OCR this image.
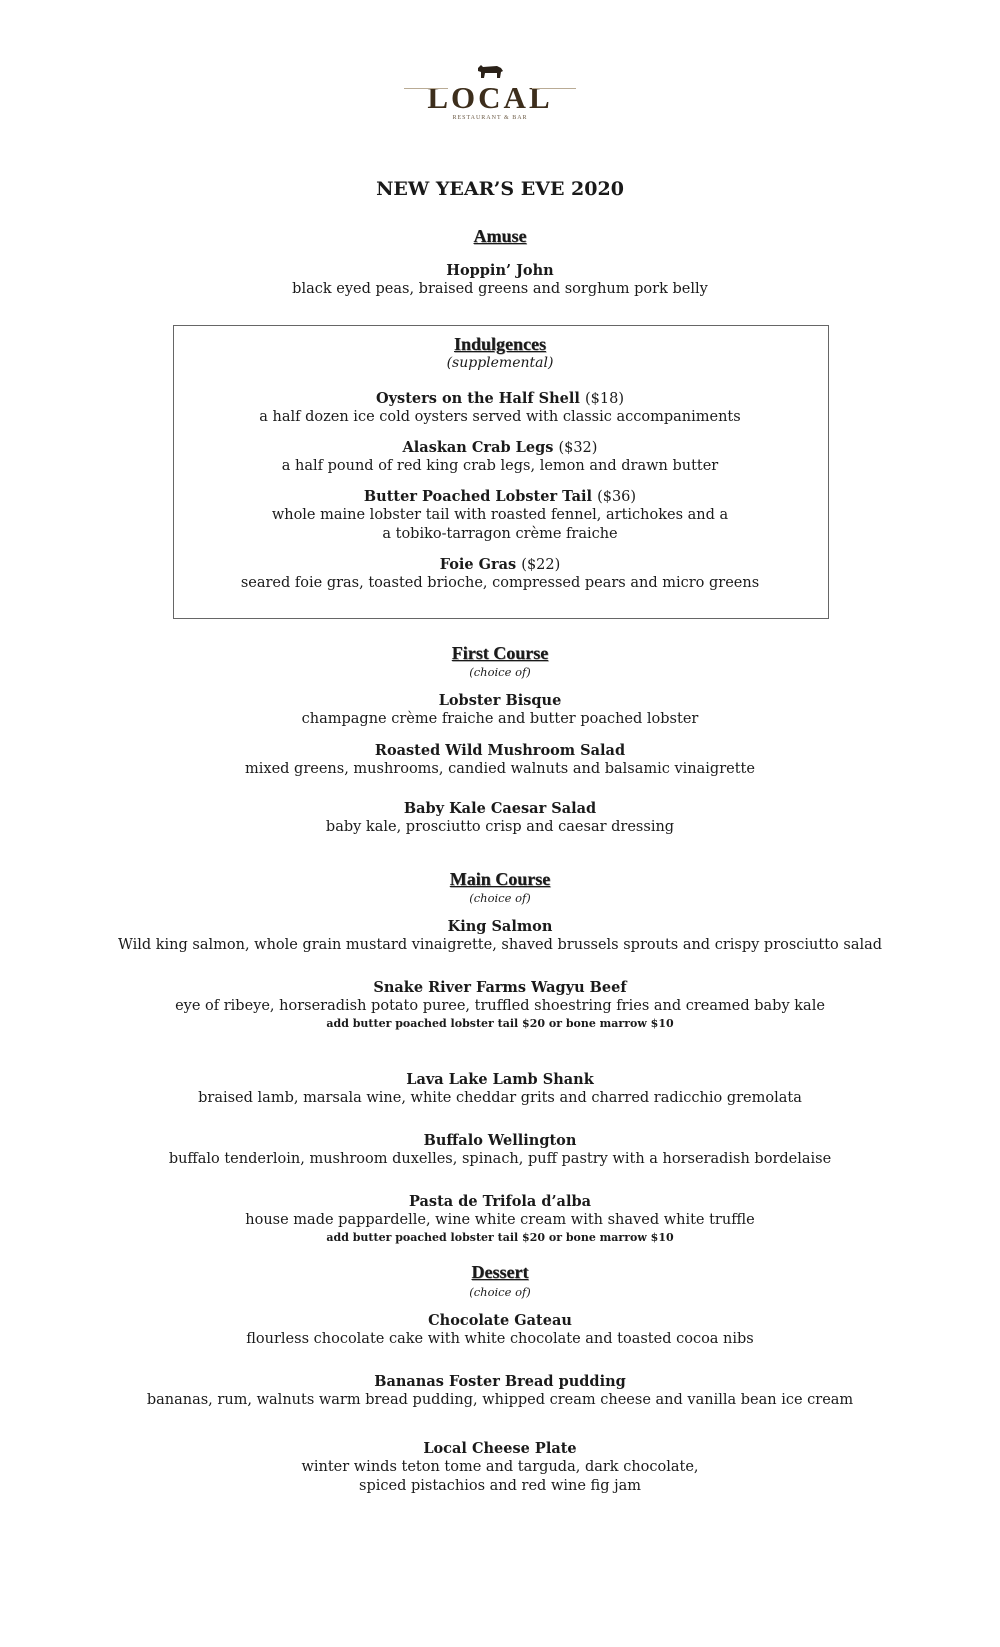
LOCAL
RESTAURANT & BAR
NEW YEAR’S EVE 2020
Amuse
Hoppin’ John
black eyed peas, braised greens and sorghum pork belly
Indulgences
(supplemental)
Oysters on the Half Shell ($18)
a half dozen ice cold oysters served with classic accompaniments
Alaskan Crab Legs ($32)
a half pound of red king crab legs, lemon and drawn butter
Butter Poached Lobster Tail ($36)
whole maine lobster tail with roasted fennel, artichokes and a
a tobiko-tarragon crème fraiche
Foie Gras ($22)
seared foie gras, toasted brioche, compressed pears and micro greens
First Course
(choice of)
Lobster Bisque
champagne crème fraiche and butter poached lobster
Roasted Wild Mushroom Salad
mixed greens, mushrooms, candied walnuts and balsamic vinaigrette
Baby Kale Caesar Salad
baby kale, prosciutto crisp and caesar dressing
Main Course
(choice of)
King Salmon
Wild king salmon, whole grain mustard vinaigrette, shaved brussels sprouts and crispy prosciutto salad
Snake River Farms Wagyu Beef
eye of ribeye, horseradish potato puree, truffled shoestring fries and creamed baby kale
add butter poached lobster tail $20 or bone marrow $10
Lava Lake Lamb Shank
braised lamb, marsala wine, white cheddar grits and charred radicchio gremolata
Buffalo Wellington
buffalo tenderloin, mushroom duxelles, spinach, puff pastry with a horseradish bordelaise
Pasta de Trifola d’alba
house made pappardelle, wine white cream with shaved white truffle
add butter poached lobster tail $20 or bone marrow $10
Dessert
(choice of)
Chocolate Gateau
flourless chocolate cake with white chocolate and toasted cocoa nibs
Bananas Foster Bread pudding
bananas, rum, walnuts warm bread pudding, whipped cream cheese and vanilla bean ice cream
Local Cheese Plate
winter winds teton tome and targuda, dark chocolate,
spiced pistachios and red wine fig jam
